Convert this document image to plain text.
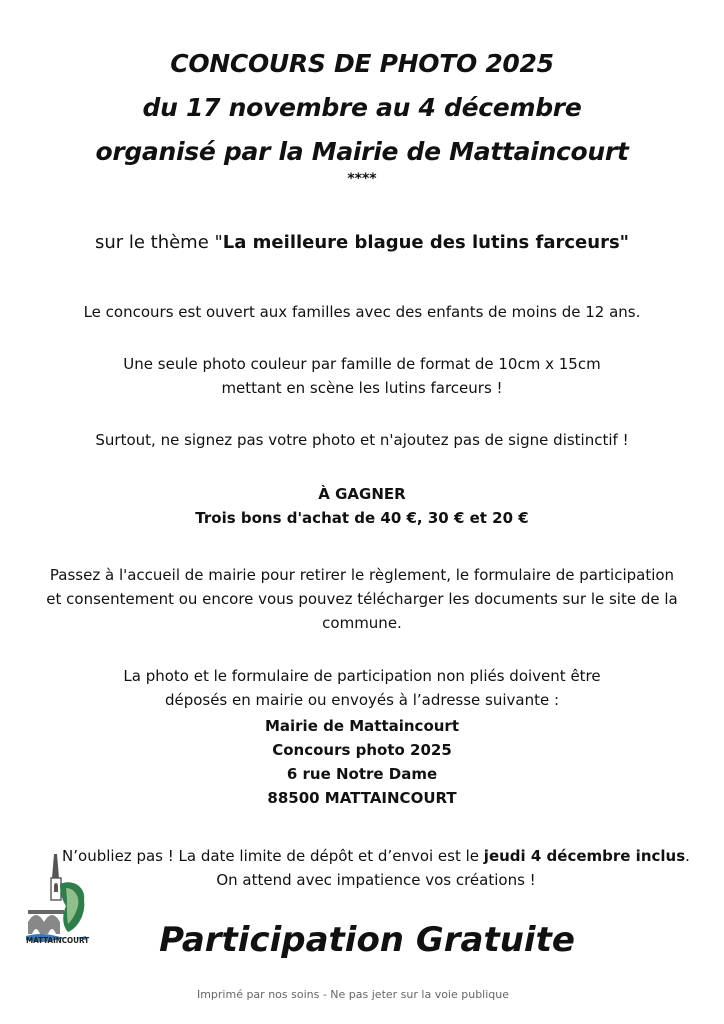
CONCOURS DE PHOTO 2025
du 17 novembre au 4 décembre
organisé par la Mairie de Mattaincourt
****
sur le thème "La meilleure blague des lutins farceurs"
Le concours est ouvert aux familles avec des enfants de moins de 12 ans.
Une seule photo couleur par famille de format de 10cm x 15cm
mettant en scène les lutins farceurs !
Surtout, ne signez pas votre photo et n'ajoutez pas de signe distinctif !
À GAGNER
Trois bons d'achat de 40 €, 30 € et 20 €
Passez à l'accueil de mairie pour retirer le règlement, le formulaire de participation
et consentement ou encore vous pouvez télécharger les documents sur le site de la
commune.
La photo et le formulaire de participation non pliés doivent être
déposés en mairie ou envoyés à l’adresse suivante :
Mairie de Mattaincourt
Concours photo 2025
6 rue Notre Dame
88500 MATTAINCOURT
N’oubliez pas ! La date limite de dépôt et d’envoi est le jeudi 4 décembre inclus.
On attend avec impatience vos créations !
MATTAINCOURT	Participation Gratuite
Imprimé par nos soins - Ne pas jeter sur la voie publique
